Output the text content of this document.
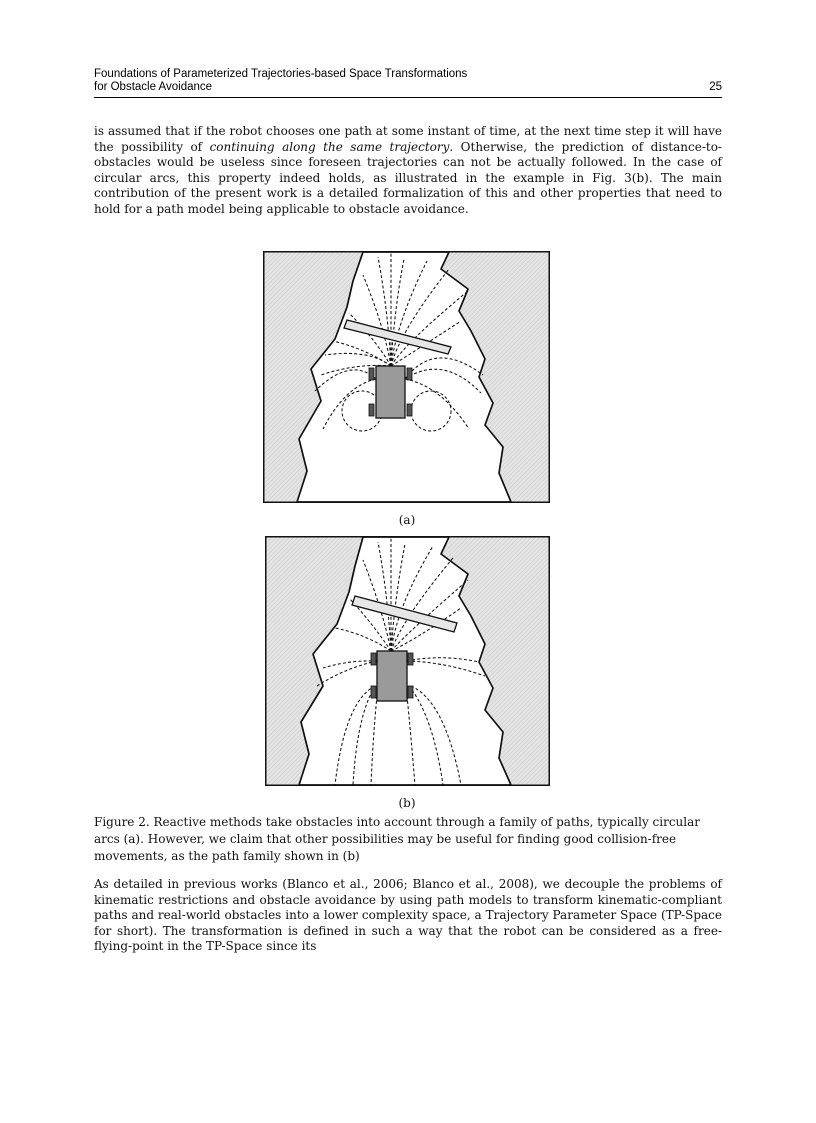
Foundations of Parameterized Trajectories-based Space Transformations
for Obstacle Avoidance	25

is assumed that if the robot chooses one path at some instant of time, at the next time step it will have the possibility of continuing along the same trajectory. Otherwise, the prediction of distance-to-obstacles would be useless since foreseen trajectories can not be actually followed. In the case of circular arcs, this property indeed holds, as illustrated in the example in Fig. 3(b). The main contribution of the present work is a detailed formalization of this and other properties that need to hold for a path model being applicable to obstacle avoidance.

(a)
(b)

Figure 2. Reactive methods take obstacles into account through a family of paths, typically circular arcs (a). However, we claim that other possibilities may be useful for finding good collision-free movements, as the path family shown in (b)

As detailed in previous works (Blanco et al., 2006; Blanco et al., 2008), we decouple the problems of kinematic restrictions and obstacle avoidance by using path models to transform kinematic-compliant paths and real-world obstacles into a lower complexity space, a Trajectory Parameter Space (TP-Space for short). The transformation is defined in such a way that the robot can be considered as a free-flying-point in the TP-Space since its
